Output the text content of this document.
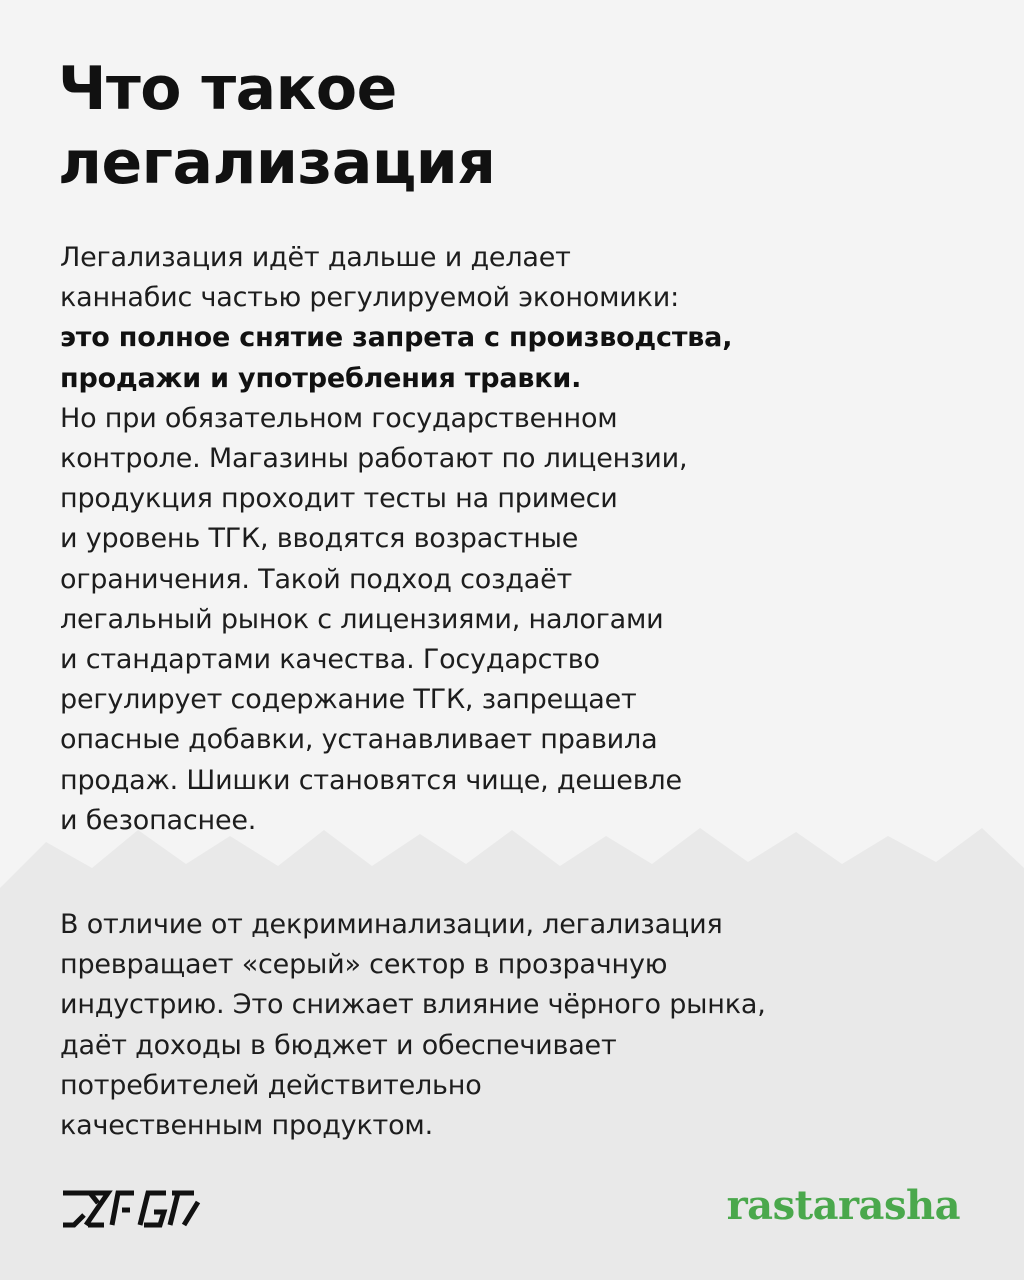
Что такое
легализация
Легализация идёт дальше и делает
каннабис частью регулируемой экономики:
это полное снятие запрета с производства,
продажи и употребления травки.
Но при обязательном государственном
контроле. Магазины работают по лицензии,
продукция проходит тесты на примеси
и уровень ТГК, вводятся возрастные
ограничения. Такой подход создаёт
легальный рынок с лицензиями, налогами
и стандартами качества. Государство
регулирует содержание ТГК, запрещает
опасные добавки, устанавливает правила
продаж. Шишки становятся чище, дешевле
и безопаснее.
В отличие от декриминализации, легализация
превращает «серый» сектор в прозрачную
индустрию. Это снижает влияние чёрного рынка,
даёт доходы в бюджет и обеспечивает
потребителей действительно
качественным продуктом.
rastarasha
